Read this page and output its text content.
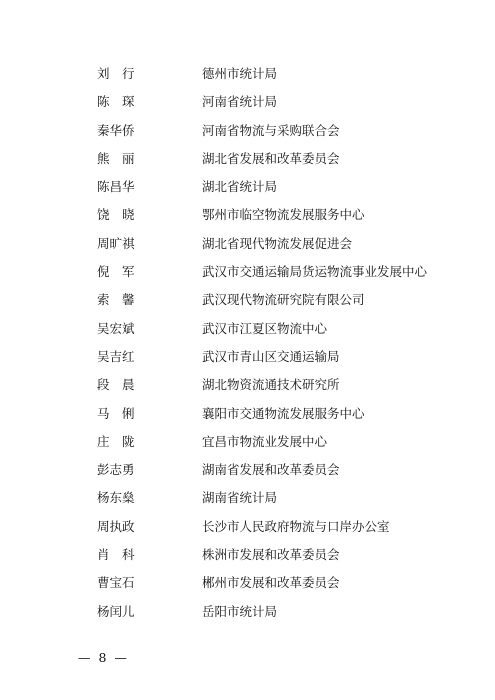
刘　行	德州市统计局
陈　琛	河南省统计局
秦华侨	河南省物流与采购联合会
熊　丽	湖北省发展和改革委员会
陈昌华	湖北省统计局
饶　晓	鄂州市临空物流发展服务中心
周旷祺	湖北省现代物流发展促进会
倪　军	武汉市交通运输局货运物流事业发展中心
索　馨	武汉现代物流研究院有限公司
吴宏斌	武汉市江夏区物流中心
吴吉红	武汉市青山区交通运输局
段　晨	湖北物资流通技术研究所
马　俐	襄阳市交通物流发展服务中心
庄　陇	宜昌市物流业发展中心
彭志勇	湖南省发展和改革委员会
杨东燊	湖南省统计局
周执政	长沙市人民政府物流与口岸办公室
肖　科	株洲市发展和改革委员会
曹宝石	郴州市发展和改革委员会
杨闰儿	岳阳市统计局
— 8 —
